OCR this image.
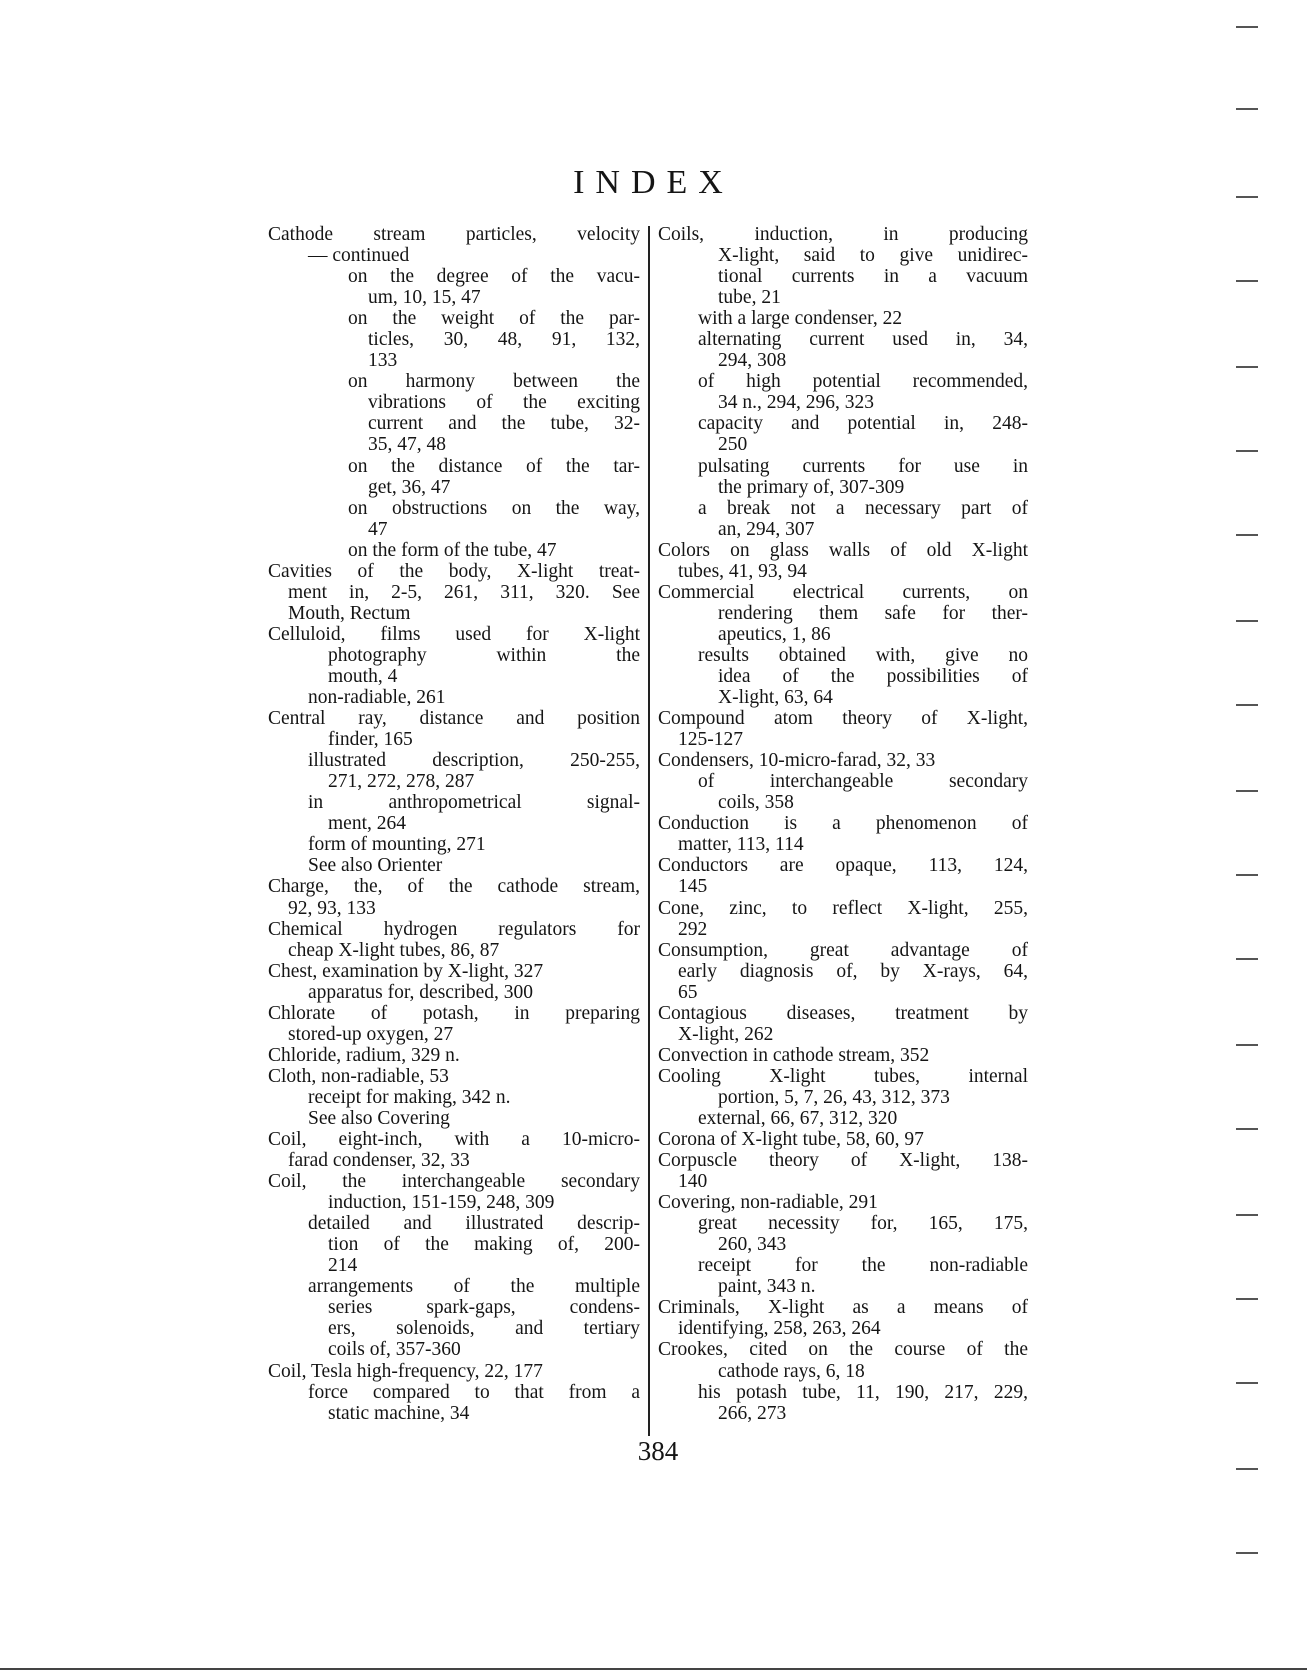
INDEX
Cathode stream particles, velocity
— continued
on the degree of the vacu-
um, 10, 15, 47
on the weight of the par-
ticles, 30, 48, 91, 132,
133
on harmony between the
vibrations of the exciting
current and the tube, 32-
35, 47, 48
on the distance of the tar-
get, 36, 47
on obstructions on the way,
47
on the form of the tube, 47
Cavities of the body, X-light treat-
ment in, 2-5, 261, 311, 320. See
Mouth, Rectum
Celluloid, films used for X-light
photography within the
mouth, 4
non-radiable, 261
Central ray, distance and position
finder, 165
illustrated description, 250-255,
271, 272, 278, 287
in anthropometrical signal-
ment, 264
form of mounting, 271
See also Orienter
Charge, the, of the cathode stream,
92, 93, 133
Chemical hydrogen regulators for
cheap X-light tubes, 86, 87
Chest, examination by X-light, 327
apparatus for, described, 300
Chlorate of potash, in preparing
stored-up oxygen, 27
Chloride, radium, 329 n.
Cloth, non-radiable, 53
receipt for making, 342 n.
See also Covering
Coil, eight-inch, with a 10-micro-
farad condenser, 32, 33
Coil, the interchangeable secondary
induction, 151-159, 248, 309
detailed and illustrated descrip-
tion of the making of, 200-
214
arrangements of the multiple
series spark-gaps, condens-
ers, solenoids, and tertiary
coils of, 357-360
Coil, Tesla high-frequency, 22, 177
force compared to that from a
static machine, 34
Coils, induction, in producing
X-light, said to give unidirec-
tional currents in a vacuum
tube, 21
with a large condenser, 22
alternating current used in, 34,
294, 308
of high potential recommended,
34 n., 294, 296, 323
capacity and potential in, 248-
250
pulsating currents for use in
the primary of, 307-309
a break not a necessary part of
an, 294, 307
Colors on glass walls of old X-light
tubes, 41, 93, 94
Commercial electrical currents, on
rendering them safe for ther-
apeutics, 1, 86
results obtained with, give no
idea of the possibilities of
X-light, 63, 64
Compound atom theory of X-light,
125-127
Condensers, 10-micro-farad, 32, 33
of interchangeable secondary
coils, 358
Conduction is a phenomenon of
matter, 113, 114
Conductors are opaque, 113, 124,
145
Cone, zinc, to reflect X-light, 255,
292
Consumption, great advantage of
early diagnosis of, by X-rays, 64,
65
Contagious diseases, treatment by
X-light, 262
Convection in cathode stream, 352
Cooling X-light tubes, internal
portion, 5, 7, 26, 43, 312, 373
external, 66, 67, 312, 320
Corona of X-light tube, 58, 60, 97
Corpuscle theory of X-light, 138-
140
Covering, non-radiable, 291
great necessity for, 165, 175,
260, 343
receipt for the non-radiable
paint, 343 n.
Criminals, X-light as a means of
identifying, 258, 263, 264
Crookes, cited on the course of the
cathode rays, 6, 18
his potash tube, 11, 190, 217, 229,
266, 273
384
